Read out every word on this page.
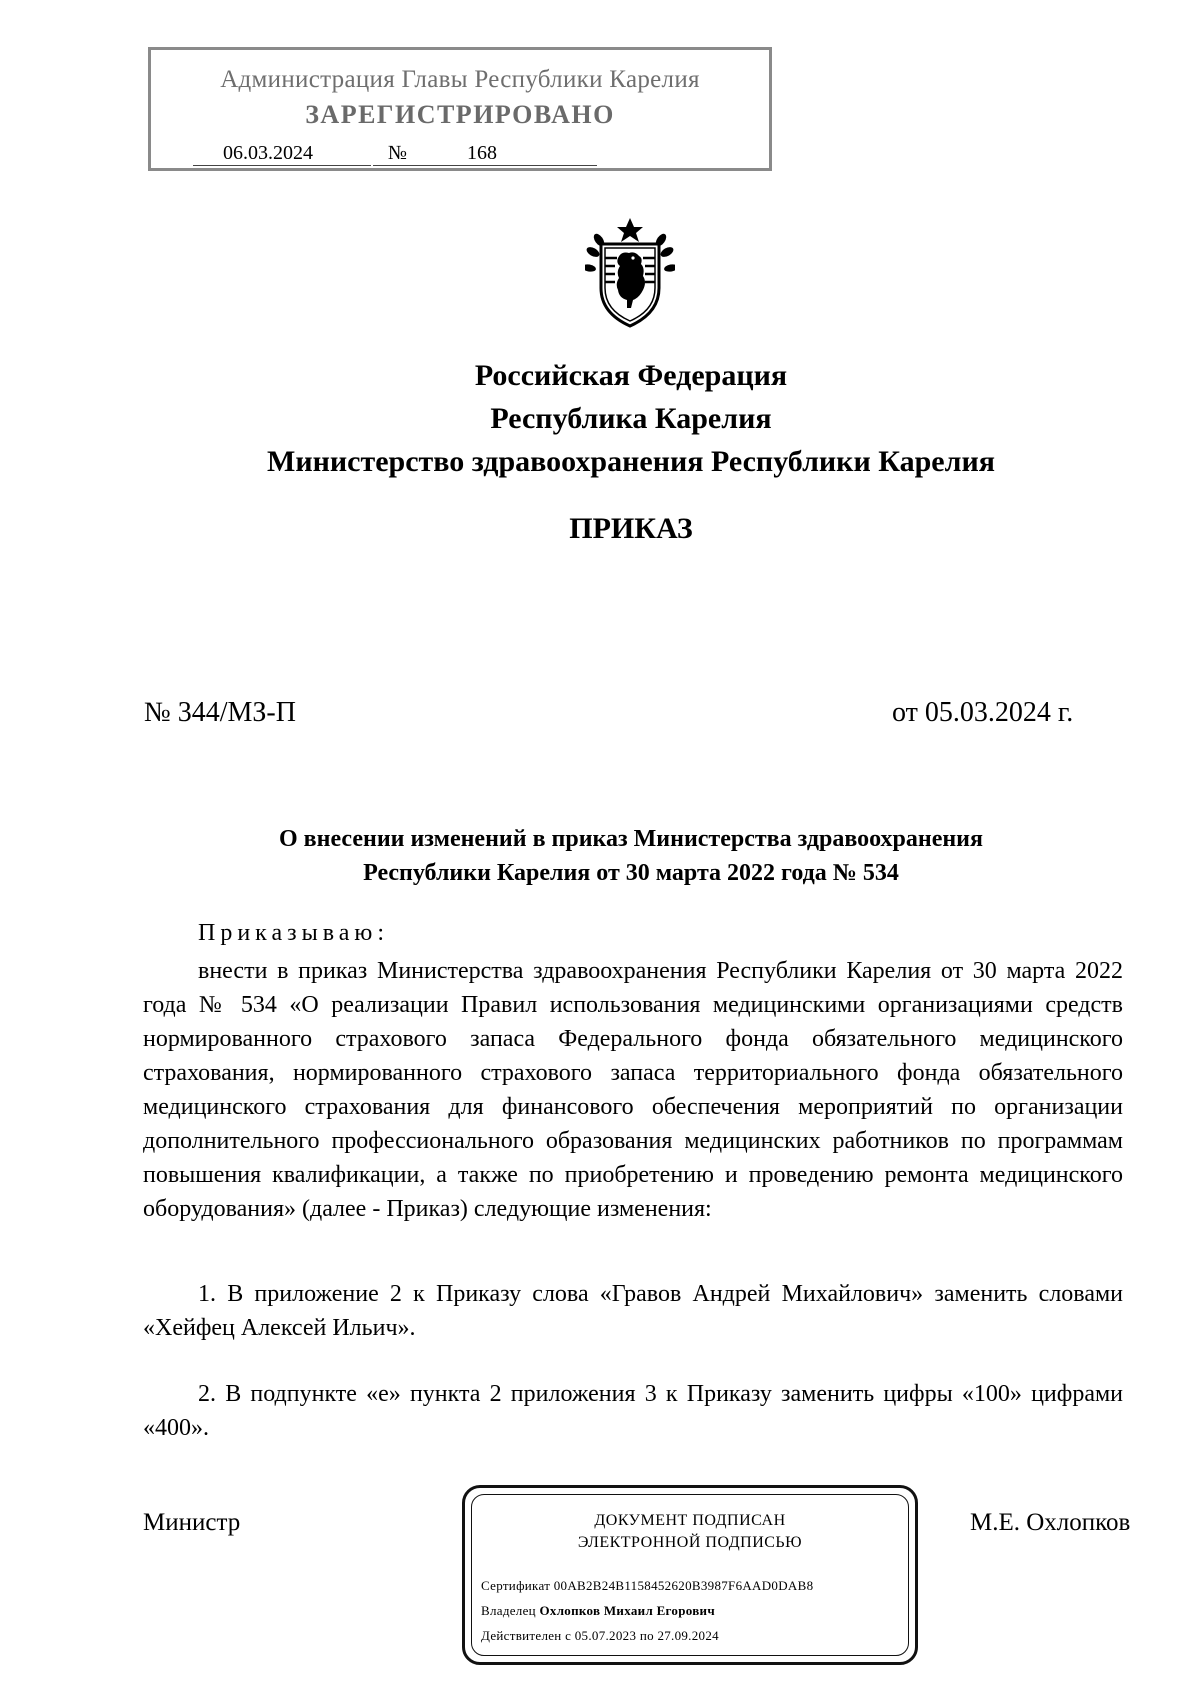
Администрация Главы Республики Карелия
ЗАРЕГИСТРИРОВАНО
06.03.2024	№	168
Российская Федерация
Республика Карелия
Министерство здравоохранения Республики Карелия
ПРИКАЗ
№ 344/МЗ-П	от 05.03.2024 г.
О внесении изменений в приказ Министерства здравоохранения
Республики Карелия от 30 марта 2022 года № 534
Приказываю:
внести в приказ Министерства здравоохранения Республики Карелия от 30 марта 2022 года № 534 «О реализации Правил использования медицинскими организациями средств нормированного страхового запаса Федерального фонда обязательного медицинского страхования, нормированного страхового запаса территориального фонда обязательного медицинского страхования для финансового обеспечения мероприятий по организации дополнительного профессионального образования медицинских работников по программам повышения квалификации, а также по приобретению и проведению ремонта медицинского оборудования» (далее - Приказ) следующие изменения:
1. В приложение 2 к Приказу слова «Гравов Андрей Михайлович» заменить словами «Хейфец Алексей Ильич».
2. В подпункте «е» пункта 2 приложения 3 к Приказу заменить цифры «100» цифрами «400».
Министр	М.Е. Охлопков
ДОКУМЕНТ ПОДПИСАН
ЭЛЕКТРОННОЙ ПОДПИСЬЮ
Сертификат 00AB2B24B1158452620B3987F6AAD0DAB8
Владелец Охлопков Михаил Егорович
Действителен с 05.07.2023 по 27.09.2024
